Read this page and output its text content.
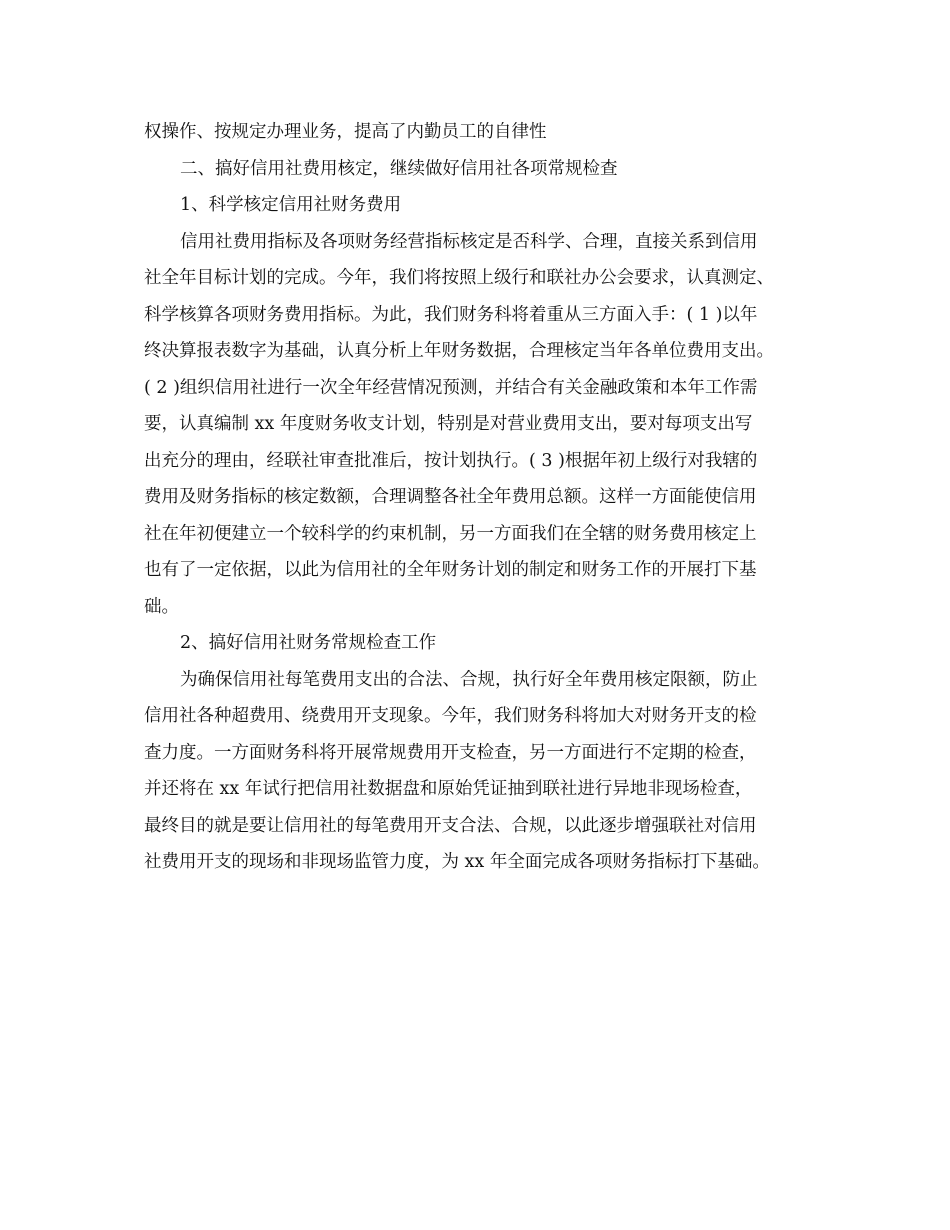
权操作、按规定办理业务，提高了内勤员工的自律性
二、搞好信用社费用核定，继续做好信用社各项常规检查
1、科学核定信用社财务费用
信用社费用指标及各项财务经营指标核定是否科学、合理，直接关系到信用
社全年目标计划的完成。今年，我们将按照上级行和联社办公会要求，认真测定、
科学核算各项财务费用指标。为此，我们财务科将着重从三方面入手：( 1 )以年
终决算报表数字为基础，认真分析上年财务数据，合理核定当年各单位费用支出。
( 2 )组织信用社进行一次全年经营情况预测，并结合有关金融政策和本年工作需
要，认真编制 xx 年度财务收支计划，特别是对营业费用支出，要对每项支出写
出充分的理由，经联社审查批准后，按计划执行。( 3 )根据年初上级行对我辖的
费用及财务指标的核定数额，合理调整各社全年费用总额。这样一方面能使信用
社在年初便建立一个较科学的约束机制，另一方面我们在全辖的财务费用核定上
也有了一定依据，以此为信用社的全年财务计划的制定和财务工作的开展打下基
础。
2、搞好信用社财务常规检查工作
为确保信用社每笔费用支出的合法、合规，执行好全年费用核定限额，防止
信用社各种超费用、绕费用开支现象。今年，我们财务科将加大对财务开支的检
查力度。一方面财务科将开展常规费用开支检查，另一方面进行不定期的检查，
并还将在 xx 年试行把信用社数据盘和原始凭证抽到联社进行异地非现场检查，
最终目的就是要让信用社的每笔费用开支合法、合规，以此逐步增强联社对信用
社费用开支的现场和非现场监管力度，为 xx 年全面完成各项财务指标打下基础。
